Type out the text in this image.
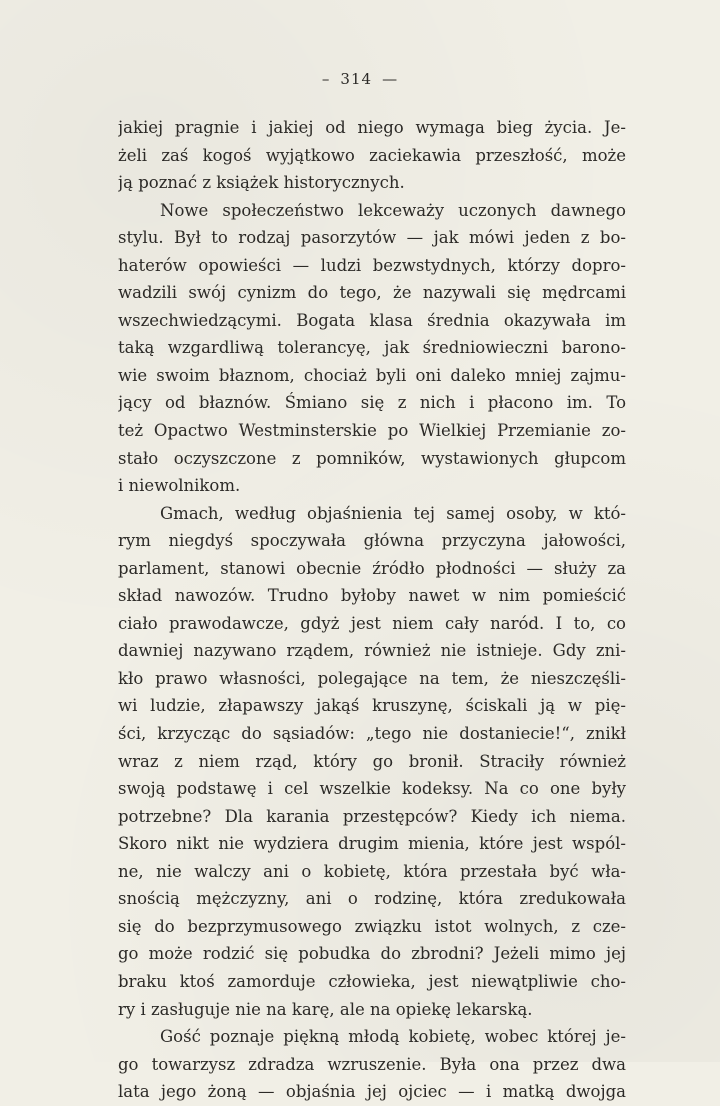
– 314 —
jakiej pragnie i jakiej od niego wymaga bieg życia. Je-
żeli zaś kogoś wyjątkowo zaciekawia przeszłość, może
ją poznać z książek historycznych.
Nowe społeczeństwo lekceważy uczonych dawnego
stylu. Był to rodzaj pasorzytów — jak mówi jeden z bo-
haterów opowieści — ludzi bezwstydnych, którzy dopro-
wadzili swój cynizm do tego, że nazywali się mędrcami
wszechwiedzącymi. Bogata klasa średnia okazywała im
taką wzgardliwą tolerancyę, jak średniowieczni barono-
wie swoim błaznom, chociaż byli oni daleko mniej zajmu-
jący od błaznów. Śmiano się z nich i płacono im. To
też Opactwo Westminsterskie po Wielkiej Przemianie zo-
stało oczyszczone z pomników, wystawionych głupcom
i niewolnikom.
Gmach, według objaśnienia tej samej osoby, w któ-
rym niegdyś spoczywała główna przyczyna jałowości,
parlament, stanowi obecnie źródło płodności — służy za
skład nawozów. Trudno byłoby nawet w nim pomieścić
ciało prawodawcze, gdyż jest niem cały naród. I to, co
dawniej nazywano rządem, również nie istnieje. Gdy zni-
kło prawo własności, polegające na tem, że nieszczęśli-
wi ludzie, złapawszy jakąś kruszynę, ściskali ją w pię-
ści, krzycząc do sąsiadów: „tego nie dostaniecie!“, znikł
wraz z niem rząd, który go bronił. Straciły również
swoją podstawę i cel wszelkie kodeksy. Na co one były
potrzebne? Dla karania przestępców? Kiedy ich niema.
Skoro nikt nie wydziera drugim mienia, które jest wspól-
ne, nie walczy ani o kobietę, która przestała być wła-
snością mężczyzny, ani o rodzinę, która zredukowała
się do bezprzymusowego związku istot wolnych, z cze-
go może rodzić się pobudka do zbrodni? Jeżeli mimo jej
braku ktoś zamorduje człowieka, jest niewątpliwie cho-
ry i zasługuje nie na karę, ale na opiekę lekarską.
Gość poznaje piękną młodą kobietę, wobec której je-
go towarzysz zdradza wzruszenie. Była ona przez dwa
lata jego żoną — objaśnia jej ojciec — i matką dwojga
